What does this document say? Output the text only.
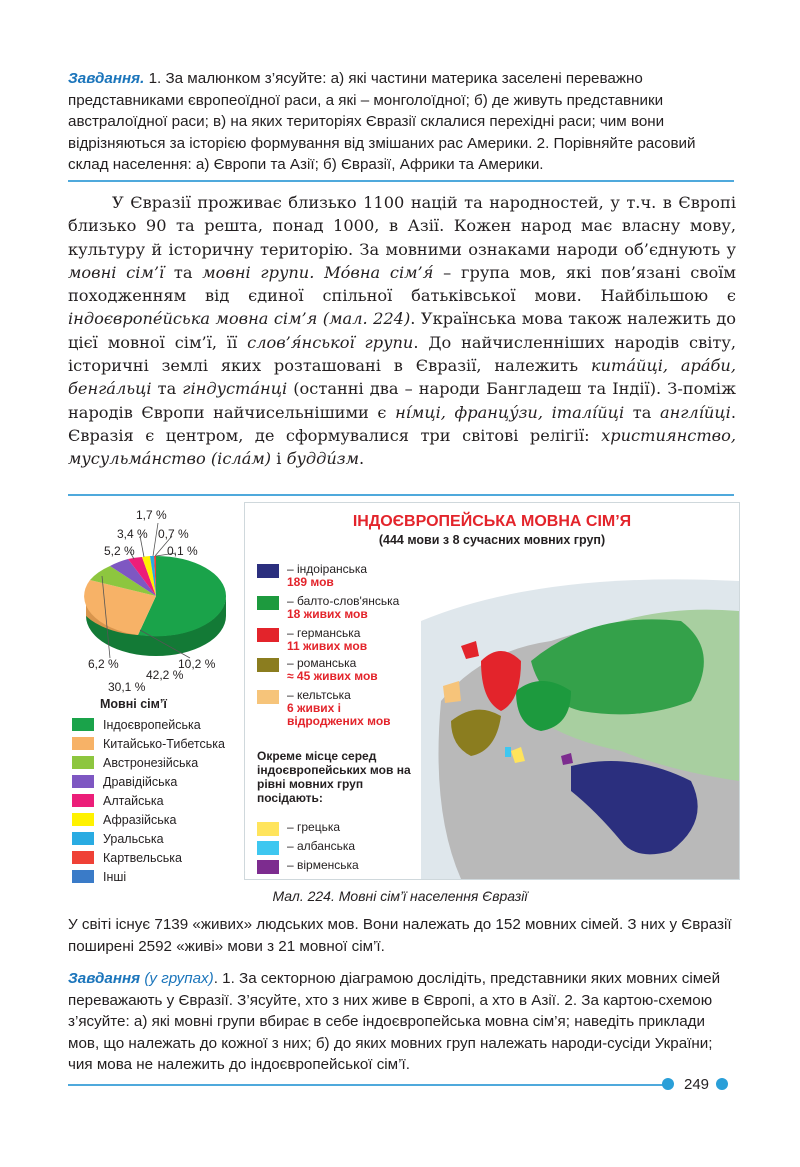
Завдання. 1. За малюнком з’ясуйте: а) які частини материка заселені переважно представниками європеоїдної раси, а які – монголоїдної; б) де живуть представники австралоїдної раси; в) на яких територіях Євразії склалися перехідні раси; чим вони відрізняються за історією формування від змішаних рас Америки. 2. Порівняйте расовий склад населення: а) Європи та Азії; б) Євразії, Африки та Америки.

У Євразії проживає близько 1100 націй та народностей, у т.ч. в Європі близько 90 та решта, понад 1000, в Азії. Кожен народ має власну мову, культуру й історичну територію. За мовними ознаками народи об’єднують у мовні сім’ї та мовні групи. Мóвна сім’я́ – група мов, які пов’язані своїм походженням від єдиної спільної батьківської мови. Найбільшою є індоєвропéйська мовна сім’я (мал. 224). Українська мова також належить до цієї мовної сім’ї, її слов’я́нської групи. До найчисленніших народів світу, історичні землі яких розташовані в Євразії, належить китáйці, арáби, бенгáльці та гіндустáнці (останні два – народи Бангладеш та Індії). З-поміж народів Європи найчисельнішими є нíмці, францу́зи, італíйці та англíйці. Євразія є центром, де сформувалися три світові релігії: християнство, мусульмáнство (іслáм) і буддúзм.

1,7 %
3,4 % 0,7 %
5,2 %	0,1 %
6,2 %	10,2 %
42,2 %
30,1 %
Мовні сім’ї
Індоєвропейська
Китайсько-Тибетська
Австронезійська
Дравідійська
Алтайська
Афразійська
Уральська
Картвельська
Інші
ІНДОЄВРОПЕЙСЬКА МОВНА СІМ’Я
(444 мови з 8 сучасних мовних груп)
– індоіранська
189 мов
– балто-слов'янська
18 живих мов
– германська
11 живих мов
– романська
≈ 45 живих мов
– кельтська
6 живих і відроджених мов
Окреме місце серед індоєвропейських мов на рівні мовних груп посідають:
– грецька
– албанська
– вірменська
Мал. 224. Мовні сім’ї населення Євразії
У світі існує 7139 «живих» людських мов. Вони належать до 152 мовних сімей. З них у Євразії поширені 2592 «живі» мови з 21 мовної сім’ї.
Завдання (у групах). 1. За секторною діаграмою дослідіть, представники яких мовних сімей переважають у Євразії. З’ясуйте, хто з них живе в Європі, а хто в Азії. 2. За картою-схемою з’ясуйте: а) які мовні групи вбирає в себе індоєвропейська мовна сім’я; наведіть приклади мов, що належать до кожної з них; б) до яких мовних груп належать народи-сусіди України; чия мова не належить до індоєвропейської сім’ї.
249
